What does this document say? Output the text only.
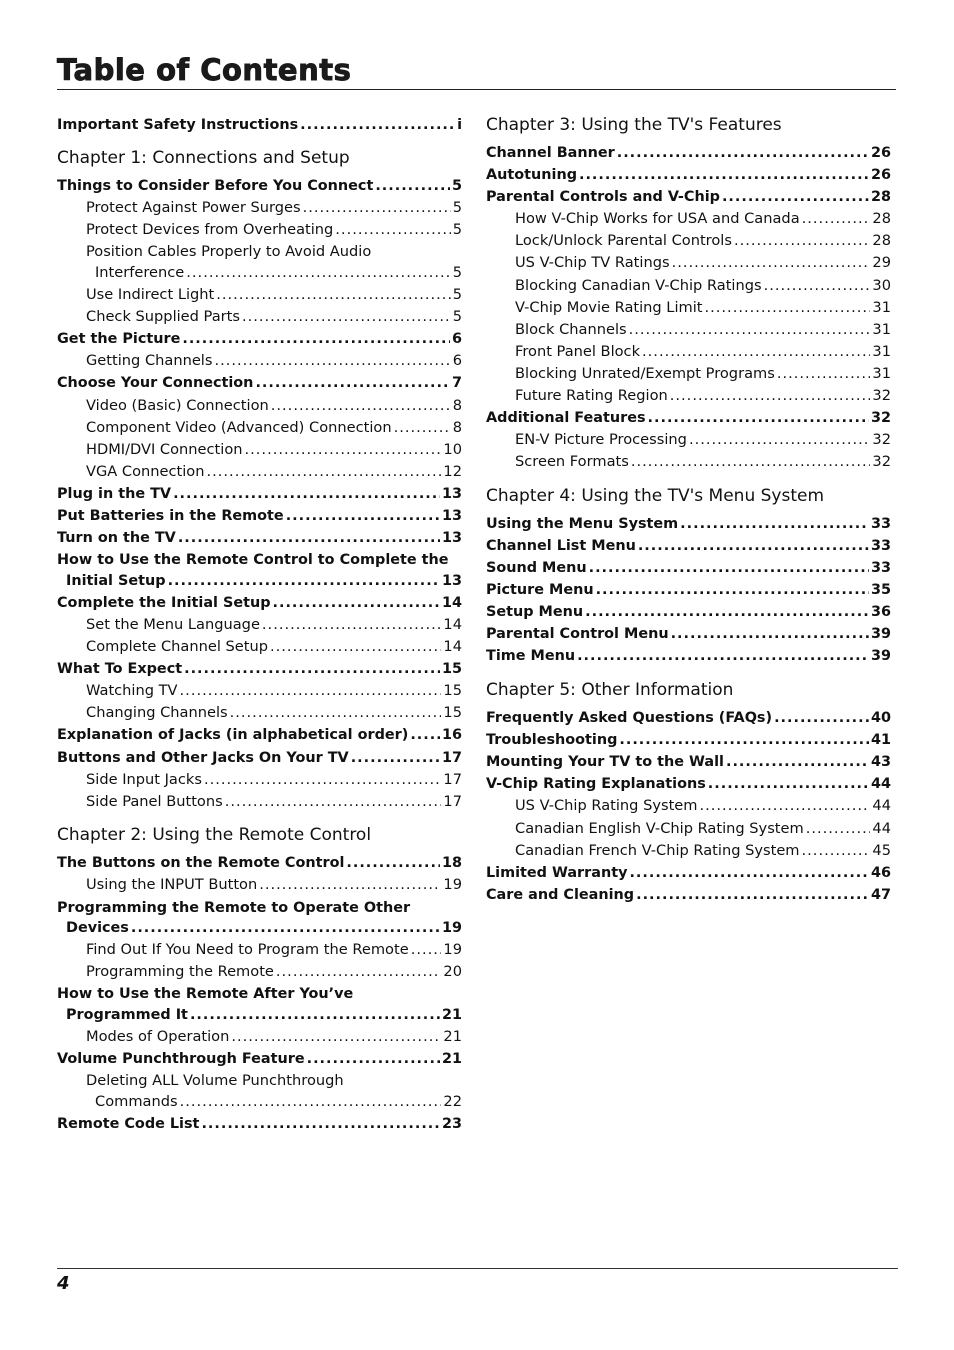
Table of Contents
Important Safety Instructions .....	i
Chapter 1: Connections and Setup
Things to Consider Before You Connect .....	5
Protect Against Power Surges .....	5
Protect Devices from Overheating .....	5
Position Cables Properly to Avoid Audio
Interference .....	5
Use Indirect Light .....	5
Check Supplied Parts .....	5
Get the Picture .....	6
Getting Channels .....	6
Choose Your Connection .....	7
Video (Basic) Connection .....	8
Component Video (Advanced) Connection .....	8
HDMI/DVI Connection .....	10
VGA Connection .....	12
Plug in the TV .....	13
Put Batteries in the Remote .....	13
Turn on the TV .....	13
How to Use the Remote Control to Complete the
Initial Setup .....	13
Complete the Initial Setup .....	14
Set the Menu Language .....	14
Complete Channel Setup .....	14
What To Expect .....	15
Watching TV .....	15
Changing Channels .....	15
Explanation of Jacks (in alphabetical order) ..... 16
Buttons and Other Jacks On Your TV .....	17
Side Input Jacks .....	17
Side Panel Buttons .....	17
Chapter 2: Using the Remote Control
The Buttons on the Remote Control .....	18
Using the INPUT Button .....	19
Programming the Remote to Operate Other
Devices .....	19
Find Out If You Need to Program the Remote ..... 19
Programming the Remote .....	20
How to Use the Remote After You’ve
Programmed It .....	21
Modes of Operation .....	21
Volume Punchthrough Feature .....	21
Deleting ALL Volume Punchthrough
Commands .....	22
Remote Code List .....	23
Chapter 3: Using the TV's Features
Channel Banner .....	26
Autotuning .....	26
Parental Controls and V-Chip .....	28
How V-Chip Works for USA and Canada .....	28
Lock/Unlock Parental Controls .....	28
US V-Chip TV Ratings .....	29
Blocking Canadian V-Chip Ratings .....	30
V-Chip Movie Rating Limit .....	31
Block Channels .....	31
Front Panel Block .....	31
Blocking Unrated/Exempt Programs .....	31
Future Rating Region .....	32
Additional Features .....	32
EN-V Picture Processing .....	32
Screen Formats .....	32
Chapter 4: Using the TV's Menu System
Using the Menu System .....	33
Channel List Menu .....	33
Sound Menu .....	33
Picture Menu .....	35
Setup Menu .....	36
Parental Control Menu .....	39
Time Menu .....	39
Chapter 5: Other Information
Frequently Asked Questions (FAQs) .....	40
Troubleshooting .....	41
Mounting Your TV to the Wall .....	43
V-Chip Rating Explanations .....	44
US V-Chip Rating System .....	44
Canadian English V-Chip Rating System .....	44
Canadian French V-Chip Rating System .....	45
Limited Warranty .....	46
Care and Cleaning .....	47
4
